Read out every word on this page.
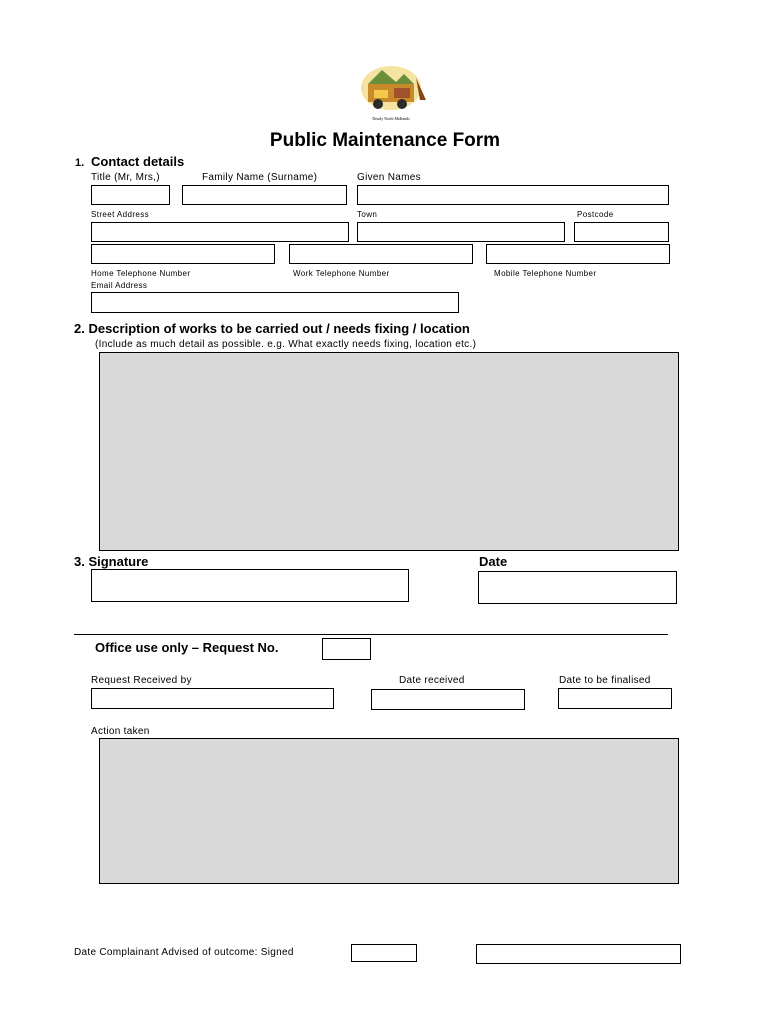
Dearly North Midlands
Public Maintenance Form
1. Contact details
Title (Mr, Mrs,)	Family Name (Surname)	Given Names
Street Address	Town	Postcode
Home Telephone Number	Work Telephone Number	Mobile Telephone Number
Email Address
2. Description of works to be carried out / needs fixing / location
(Include as much detail as possible. e.g. What exactly needs fixing, location etc.)
3. Signature	Date
Office use only – Request No.
Request Received by	Date received	Date to be finalised
Action taken
Date Complainant Advised of outcome: Signed
